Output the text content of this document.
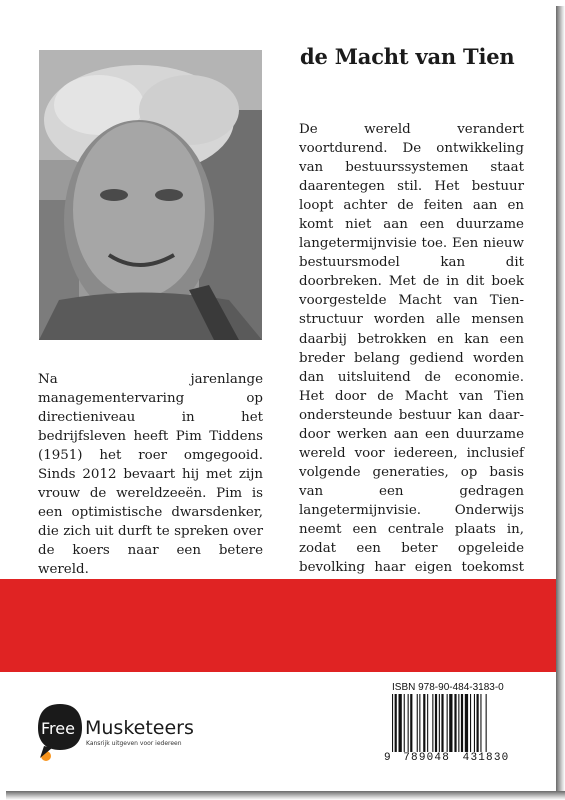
de Macht van Tien

De wereld verandert voortdurend. De ontwikkeling van bestuurssystemen staat daarentegen stil. Het bestuur loopt achter de feiten aan en komt niet aan een duurzame langetermijnvisie toe. Een nieuw bestuursmodel kan dit doorbreken. Met de in dit boek voorgestelde Macht van Tienstructuur worden alle mensen daarbij betrokken en kan een breder belang gediend worden dan uitsluitend de economie. Het door de Macht van Tien ondersteunde bestuur kan daardoor werken aan een duurzame wereld voor iedereen, inclusief volgende generaties, op basis van een gedragen langetermijnvisie. Onderwijs neemt een centrale plaats in, zodat een beter opgeleide bevolking haar eigen toekomst

Na jarenlange managementervaring op directieniveau in het bedrijfsleven heeft Pim Tiddens (1951) het roer omgegooid. Sinds 2012 bevaart hij met zijn vrouw de wereldzeeën. Pim is een optimistische dwarsdenker, die zich uit durft te spreken over de koers naar een betere wereld.

Free Musketeers
Kansrijk uitgeven voor iedereen
ISBN 978-90-484-3183-0
9 789048 431830
